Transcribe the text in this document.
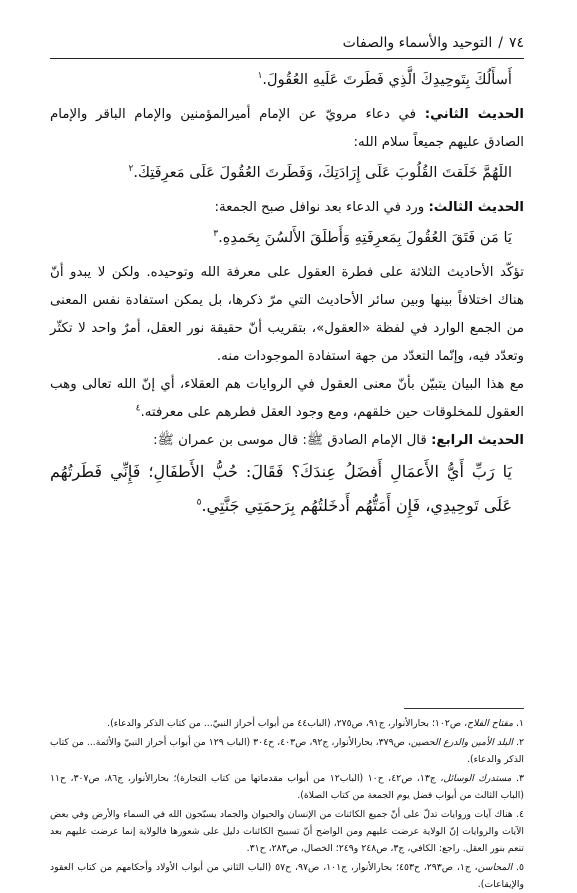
٧٤
/
التوحيد والأسماء والصفات

أَسأَلُكَ بِتَوحِيدِكَ الَّذِي فَطَرتَ عَلَيهِ العُقُولَ.$^١$

الحديث الثاني: في دعاء مرويّ عن الإمام أميرالمؤمنين والإمام الباقر والإمام الصادق عليهم جميعاً سلام الله:

اللَهُمَّ خَلَقتَ القُلُوبَ عَلَى إِرَادَتِكَ، وَفَطَرتَ العُقُولَ عَلَى مَعرِفَتِكَ.$^٢$

الحديث الثالث: ورد في الدعاء بعد نوافل صبح الجمعة:

يَا مَن فَتَقَ العُقُولَ بِمَعرِفَتِهِ وَأَطلَقَ الأَلسُنَ بِحَمدِهِ.$^٣$

تؤكّد الأحاديث الثلاثة على فطرة العقول على معرفة الله وتوحيده. ولكن لا يبدو أنّ هناك اختلافاً بينها وبين سائر الأحاديث التي مرّ ذكرها، بل يمكن استفادة نفس المعنى من الجمع الوارد في لفظة «العقول»، بتقريب أنّ حقيقة نور العقل، أمرٌ واحد لا تكثّر وتعدّد فيه، وإنّما التعدّد من جهة استفادة الموجودات منه.

مع هذا البيان يتبيّن بأنّ معنى العقول في الروايات هم العقلاء، أي إنّ الله تعالى وهب العقول للمخلوقات حين خلقهم، ومع وجود العقل فطرهم على معرفته.$^٤$

الحديث الرابع: قال الإمام الصادق ﷺ: قال موسى بن عمران ﷺ:

يَا رَبِّ أَيُّ الأَعمَالِ أَفضَلُ عِندَكَ؟ فَقَالَ: حُبُّ الأَطفَالِ؛ فَإِنِّي فَطَرتُهُم عَلَى تَوحِيدِي، فَإِن أَمَتُّهُم أَدخَلتُهُم بِرَحمَتِي جَنَّتِي.$^٥$

١. مفتاح الفلاح، ص١٠٢؛ بحارالأنوار، ج٩١، ص٢٧٥، (الباب٤٤ من أبواب أحراز النبيّ... من كتاب الذكر والدعاء).

٢. البلد الأمين والدرع الحصين، ص٣٧٩، بحارالأنوار، ج٩٢، ص٤٠٣، ح٣٠٤ (الباب ١٢٩ من أبواب أحراز النبيّ والأئمة... من كتاب الذكر والدعاء).

٣. مستدرك الوسائل، ج١٣، ص٤٢، ح١٠ (الباب١٢ من أبواب مقدماتها من كتاب التجارة)؛ بحارالأنوار، ج٨٦، ص٣٠٧، ح١١ (الباب الثالث من أبواب فضل يوم الجمعة من كتاب الصلاة).

٤. هناك آيات وروايات تدلّ على أنّ جميع الكائنات من الإنسان والحيوان والجماد يسبّحون الله في السماء والأرض وفي بعض الآيات والروايات إنّ الولاية عرضت عليهم ومن الواضح أنّ تسبيح الكائنات دليل على شعورها فالولاية إنما عرضت عليهم بعد تنعم بنور العقل. راجع: الكافي، ج٣، ص٢٤٨ و٢٤٩؛ الخصال، ص٢٨٣، ح٣١.

٥. المحاسن، ج١، ص٢٩٣، ح٤٥٣؛ بحارالأنوار، ج١٠١، ص٩٧، ح٥٧ (الباب الثاني من أبواب الأولاد وأحكامهم من كتاب العقود والإيقاعات).
